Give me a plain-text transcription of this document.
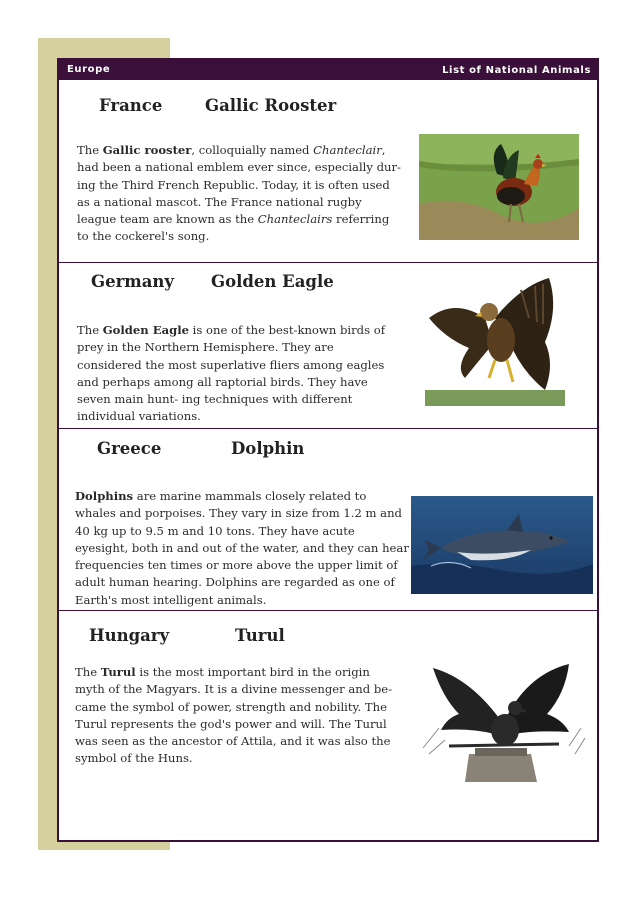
Europe	List of National Animals
France	Gallic Rooster

The Gallic rooster, colloquially named Chanteclair, had been a national emblem ever since, especially dur- ing the Third French Republic. Today, it is often used as a national mascot. The France national rugby league team are known as the Chanteclairs referring to the cockerel's song.

Germany Golden Eagle

The Golden Eagle is one of the best-known birds of prey in the Northern Hemisphere. They are considered the most superlative fliers among eagles and perhaps among all raptorial birds. They have seven main hunt- ing techniques with different individual variations.

Greece	Dolphin

Dolphins are marine mammals closely related to whales and porpoises. They vary in size from 1.2 m and 40 kg up to 9.5 m and 10 tons. They have acute eyesight, both in and out of the water, and they can hear frequencies ten times or more above the upper limit of adult human hearing. Dolphins are regarded as one of Earth's most intelligent animals.

Hungary	Turul

The Turul is the most important bird in the origin myth of the Magyars. It is a divine messenger and be- came the symbol of power, strength and nobility. The Turul represents the god's power and will. The Turul was seen as the ancestor of Attila, and it was also the symbol of the Huns.
